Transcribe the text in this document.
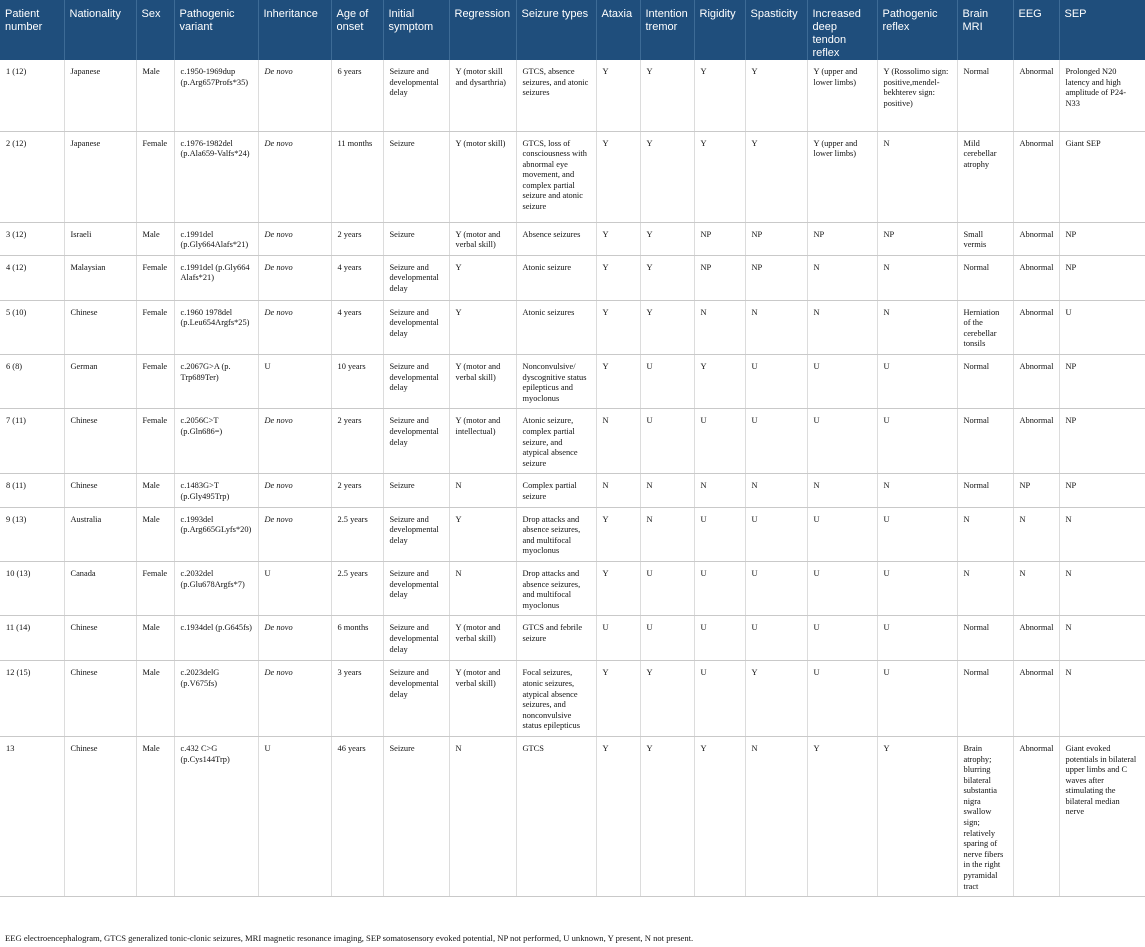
Patient number	Nationality	Sex	Pathogenic variant	Inheritance	Age of onset	Initial symptom	Regression	Seizure types	Ataxia	Intention tremor	Rigidity	Spasticity	Increased deep tendon reflex	Pathogenic reflex	Brain MRI	EEG	SEP
1 (12)	Japanese	Male	c.1950-1969dup (p.Arg657Profs*35)	De novo	6 years	Seizure and developmental delay	Y (motor skill and dysarthria)	GTCS, absence seizures, and atonic seizures	Y	Y	Y	Y	Y (upper and lower limbs)	Y (Rossolimo sign: positive,mendel-bekhterev sign: positive)	Normal	Abnormal	Prolonged N20 latency and high amplitude of P24-N33
2 (12)	Japanese	Female	c.1976-1982del (p.Ala659-Valfs*24)	De novo	11 months	Seizure	Y (motor skill)	GTCS, loss of consciousness with abnormal eye movement, and complex partial seizure and atonic seizure	Y	Y	Y	Y	Y (upper and lower limbs)	N	Mild cerebellar atrophy	Abnormal	Giant SEP
3 (12)	Israeli	Male	c.1991del (p.Gly664Alafs*21)	De novo	2 years	Seizure	Y (motor and verbal skill)	Absence seizures	Y	Y	NP	NP	NP	NP	Small vermis	Abnormal	NP
4 (12)	Malaysian	Female	c.1991del (p.Gly664 Alafs*21)	De novo	4 years	Seizure and developmental delay	Y	Atonic seizure	Y	Y	NP	NP	N	N	Normal	Abnormal	NP
5 (10)	Chinese	Female	c.1960 1978del (p.Leu654Argfs*25)	De novo	4 years	Seizure and developmental delay	Y	Atonic seizures	Y	Y	N	N	N	N	Herniation of the cerebellar tonsils	Abnormal	U
6 (8)	German	Female	c.2067G>A (p. Trp689Ter)	U	10 years	Seizure and developmental delay	Y (motor and verbal skill)	Nonconvulsive/ dyscognitive status epilepticus and myoclonus	Y	U	Y	U	U	U	Normal	Abnormal	NP
7 (11)	Chinese	Female	c.2056C>T (p.Gln686=)	De novo	2 years	Seizure and developmental delay	Y (motor and intellectual)	Atonic seizure, complex partial seizure, and atypical absence seizure	N	U	U	U	U	U	Normal	Abnormal	NP
8 (11)	Chinese	Male	c.1483G>T (p.Gly495Trp)	De novo	2 years	Seizure	N	Complex partial seizure	N	N	N	N	N	N	Normal	NP	NP
9 (13)	Australia	Male	c.1993del (p.Arg665GLyfs*20)	De novo	2.5 years	Seizure and developmental delay	Y	Drop attacks and absence seizures, and multifocal myoclonus	Y	N	U	U	U	U	N	N	N
10 (13)	Canada	Female	c.2032del (p.Glu678Argfs*7)	U	2.5 years	Seizure and developmental delay	N	Drop attacks and absence seizures, and multifocal myoclonus	Y	U	U	U	U	U	N	N	N
11 (14)	Chinese	Male	c.1934del (p.G645fs)	De novo	6 months	Seizure and developmental delay	Y (motor and verbal skill)	GTCS and febrile seizure	U	U	U	U	U	U	Normal	Abnormal	N
12 (15)	Chinese	Male	c.2023delG (p.V675fs)	De novo	3 years	Seizure and developmental delay	Y (motor and verbal skill)	Focal seizures, atonic seizures, atypical absence seizures, and nonconvulsive status epilepticus	Y	Y	U	Y	U	U	Normal	Abnormal	N
13	Chinese	Male	c.432 C>G (p.Cys144Trp)	U	46 years	Seizure	N	GTCS	Y	Y	Y	N	Y	Y	Brain atrophy; blurring bilateral substantia nigra swallow sign; relatively sparing of nerve fibers in the right pyramidal tract	Abnormal	Giant evoked potentials in bilateral upper limbs and C waves after stimulating the bilateral median nerve
EEG electroencephalogram, GTCS generalized tonic-clonic seizures, MRI magnetic resonance imaging, SEP somatosensory evoked potential, NP not performed, U unknown, Y present, N not present.
